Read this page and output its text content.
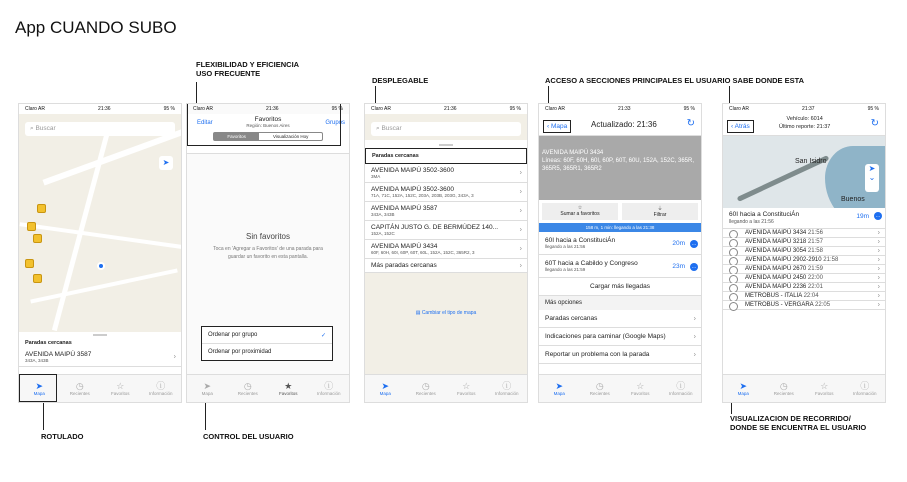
App CUANDO SUBO
FLEXIBILIDAD Y EFICIENCIA
USO FRECUENTE
DESPLEGABLE	ACCESO A SECCIONES PRINCIPALES EL USUARIO SABE DONDE ESTA
ROTULADO	CONTROL DEL USUARIO
VISUALIZACION DE RECORRIDO/
DONDE SE ENCUENTRA EL USUARIO
Claro AR	21:36	95 %
⌕ Buscar
➤
Paradas cercanas
AVENIDA MAIPÚ 3587
343A, 343B	›
➤
Mapa
◷
Recientes
☆
Favoritos
ⓘ
Información
Claro AR	21:36	95 %
Editar	Favoritos
Región: Buenos Aires	Grupos
Favoritos	Visualización Hoy
Sin favoritos
Toca en 'Agregar a Favoritos' de una parada para guardar un favorito en esta pantalla.
Ordenar por grupo	✓
Ordenar por proximidad
➤
Mapa
◷
Recientes
★
Favoritos
ⓘ
Información
Claro AR	21:36	95 %
⌕ Buscar
Paradas cercanas
AVENIDA MAIPÚ 3502-3600
3MA	›
AVENIDA MAIPÚ 3502-3600
71A, 71C, 152A, 152C, 203A, 203B, 203G, 343A, 3	›
AVENIDA MAIPÚ 3587
343A, 343B	›
CAPITÁN JUSTO G. DE BERMÚDEZ 140...
152A, 152C	›
AVENIDA MAIPÚ 3434
60F, 60H, 60I, 60P, 60T, 60L, 152A, 152C, 365R2, 3	›
Más paradas cercanas	›
▤ Cambiar el tipo de mapa
➤
Mapa
◷
Recientes
☆
Favoritos
ⓘ
Información
Claro AR	21:33	95 %
‹ Mapa	Actualizado: 21:36	↻
AVENIDA MAIPÚ 3434
Líneas: 60F, 60H, 60I, 60P, 60T, 60U, 152A, 152C, 365R, 365R5, 365R1, 365R2
☆
Sumar a favoritos
⏚
Filtrar
158 m, 1 min: llegando a las 21:38
60I hacia a ConstituciÁn
llegando a las 21:56	20m	…
60T hacia a Cabildo y Congreso
llegando a las 21:59	23m	…
Cargar más llegadas
Más opciones
Paradas cercanas	›
Indicaciones para caminar (Google Maps)	›
Reportar un problema con la parada	›
➤
Mapa
◷
Recientes
☆
Favoritos
ⓘ
Información
Claro AR	21:37	95 %
‹ Atrás
Vehículo: 6014
Último reporte: 21:37	↻
San Isidro
Buenos
➤
⌄
60I hacia a ConstituciÁn
llegando a las 21:56
19m	…
AVENIDA MAIPÚ 3434 21:56	›
AVENIDA MAIPÚ 3218 21:57	›
AVENIDA MAIPÚ 3054 21:58	›
AVENIDA MAIPÚ 2902-2910 21:58	›
AVENIDA MAIPÚ 2670 21:59	›
AVENIDA MAIPÚ 2450 22:00	›
AVENIDA MAIPÚ 2236 22:01	›
METROBUS - ITALIA 22:04	›
METROBUS - VERGARA 22:05	›
➤
Mapa
◷
Recientes
☆
Favoritos
ⓘ
Información
